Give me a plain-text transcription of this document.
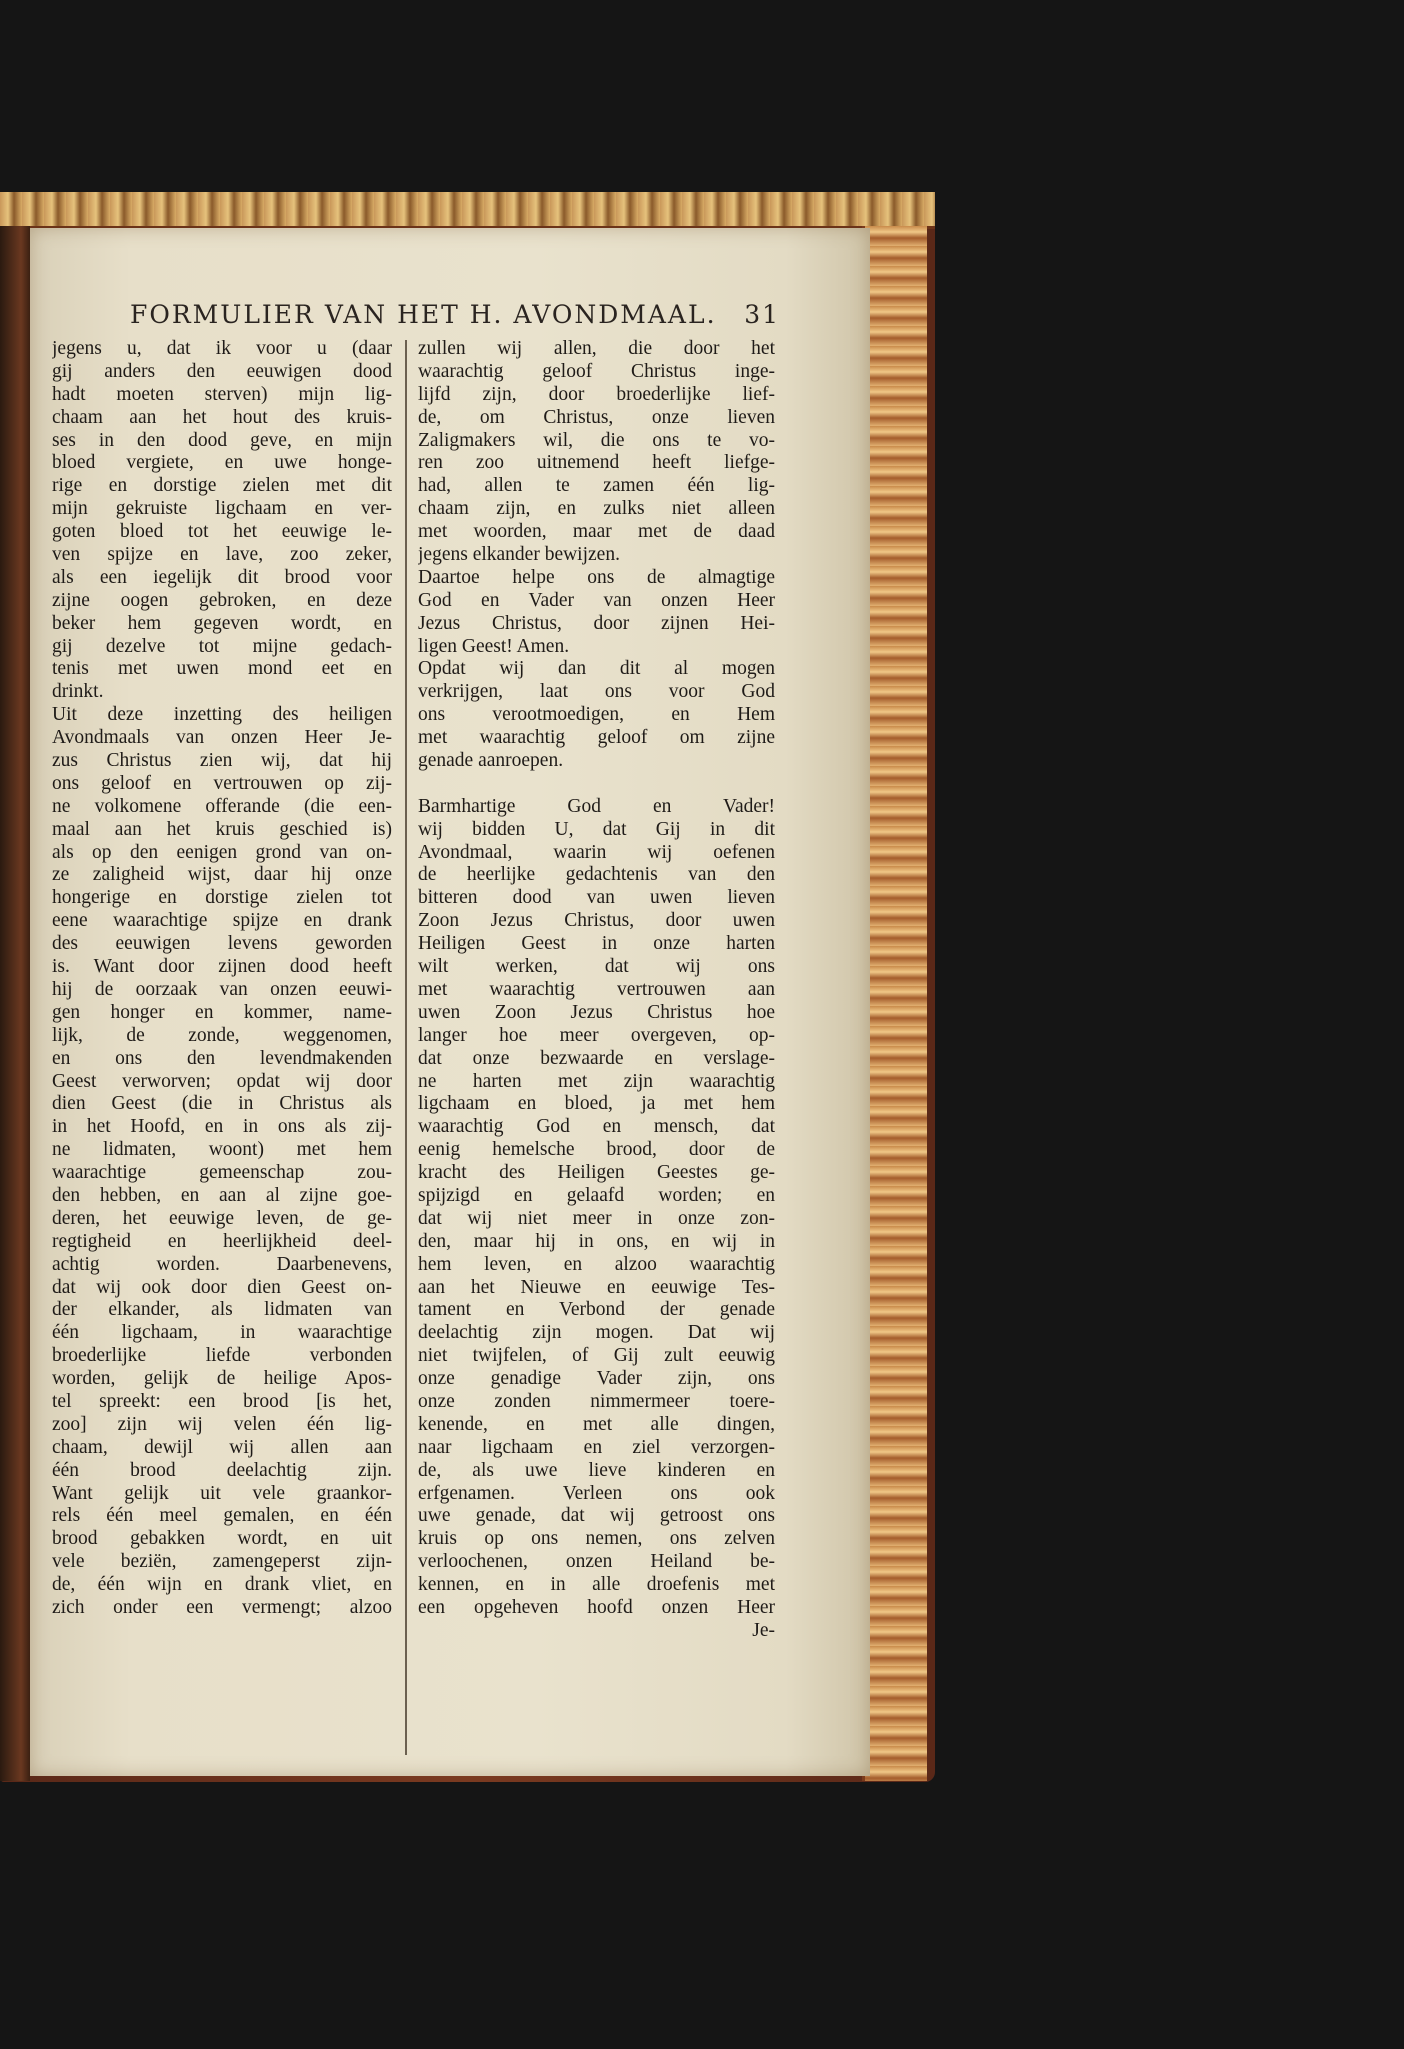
FORMULIER VAN HET H. AVONDMAAL. 31
jegens u, dat ik voor u (daar
gij anders den eeuwigen dood
hadt moeten sterven) mijn lig-
chaam aan het hout des kruis-
ses in den dood geve, en mijn
bloed vergiete, en uwe honge-
rige en dorstige zielen met dit
mijn gekruiste ligchaam en ver-
goten bloed tot het eeuwige le-
ven spijze en lave, zoo zeker,
als een iegelijk dit brood voor
zijne oogen gebroken, en deze
beker hem gegeven wordt, en
gij dezelve tot mijne gedach-
tenis met uwen mond eet en
drinkt.
Uit deze inzetting des heiligen
Avondmaals van onzen Heer Je-
zus Christus zien wij, dat hij
ons geloof en vertrouwen op zij-
ne volkomene offerande (die een-
maal aan het kruis geschied is)
als op den eenigen grond van on-
ze zaligheid wijst, daar hij onze
hongerige en dorstige zielen tot
eene waarachtige spijze en drank
des eeuwigen levens geworden
is. Want door zijnen dood heeft
hij de oorzaak van onzen eeuwi-
gen honger en kommer, name-
lijk, de zonde, weggenomen,
en ons den levendmakenden
Geest verworven; opdat wij door
dien Geest (die in Christus als
in het Hoofd, en in ons als zij-
ne lidmaten, woont) met hem
waarachtige gemeenschap zou-
den hebben, en aan al zijne goe-
deren, het eeuwige leven, de ge-
regtigheid en heerlijkheid deel-
achtig worden. Daarbenevens,
dat wij ook door dien Geest on-
der elkander, als lidmaten van
één ligchaam, in waarachtige
broederlijke liefde verbonden
worden, gelijk de heilige Apos-
tel spreekt: een brood [is het,
zoo] zijn wij velen één lig-
chaam, dewijl wij allen aan
één brood deelachtig zijn.
Want gelijk uit vele graankor-
rels één meel gemalen, en één
brood gebakken wordt, en uit
vele beziën, zamengeperst zijn-
de, één wijn en drank vliet, en
zich onder een vermengt; alzoo
zullen wij allen, die door het
waarachtig geloof Christus inge-
lijfd zijn, door broederlijke lief-
de, om Christus, onze lieven
Zaligmakers wil, die ons te vo-
ren zoo uitnemend heeft liefge-
had, allen te zamen één lig-
chaam zijn, en zulks niet alleen
met woorden, maar met de daad
jegens elkander bewijzen.
Daartoe helpe ons de almagtige
God en Vader van onzen Heer
Jezus Christus, door zijnen Hei-
ligen Geest! Amen.
Opdat wij dan dit al mogen
verkrijgen, laat ons voor God
ons verootmoedigen, en Hem
met waarachtig geloof om zijne
genade aanroepen.
Barmhartige God en Vader!
wij bidden U, dat Gij in dit
Avondmaal, waarin wij oefenen
de heerlijke gedachtenis van den
bitteren dood van uwen lieven
Zoon Jezus Christus, door uwen
Heiligen Geest in onze harten
wilt werken, dat wij ons
met waarachtig vertrouwen aan
uwen Zoon Jezus Christus hoe
langer hoe meer overgeven, op-
dat onze bezwaarde en verslage-
ne harten met zijn waarachtig
ligchaam en bloed, ja met hem
waarachtig God en mensch, dat
eenig hemelsche brood, door de
kracht des Heiligen Geestes ge-
spijzigd en gelaafd worden; en
dat wij niet meer in onze zon-
den, maar hij in ons, en wij in
hem leven, en alzoo waarachtig
aan het Nieuwe en eeuwige Tes-
tament en Verbond der genade
deelachtig zijn mogen. Dat wij
niet twijfelen, of Gij zult eeuwig
onze genadige Vader zijn, ons
onze zonden nimmermeer toere-
kenende, en met alle dingen,
naar ligchaam en ziel verzorgen-
de, als uwe lieve kinderen en
erfgenamen. Verleen ons ook
uwe genade, dat wij getroost ons
kruis op ons nemen, ons zelven
verloochenen, onzen Heiland be-
kennen, en in alle droefenis met
een opgeheven hoofd onzen Heer
Je-
